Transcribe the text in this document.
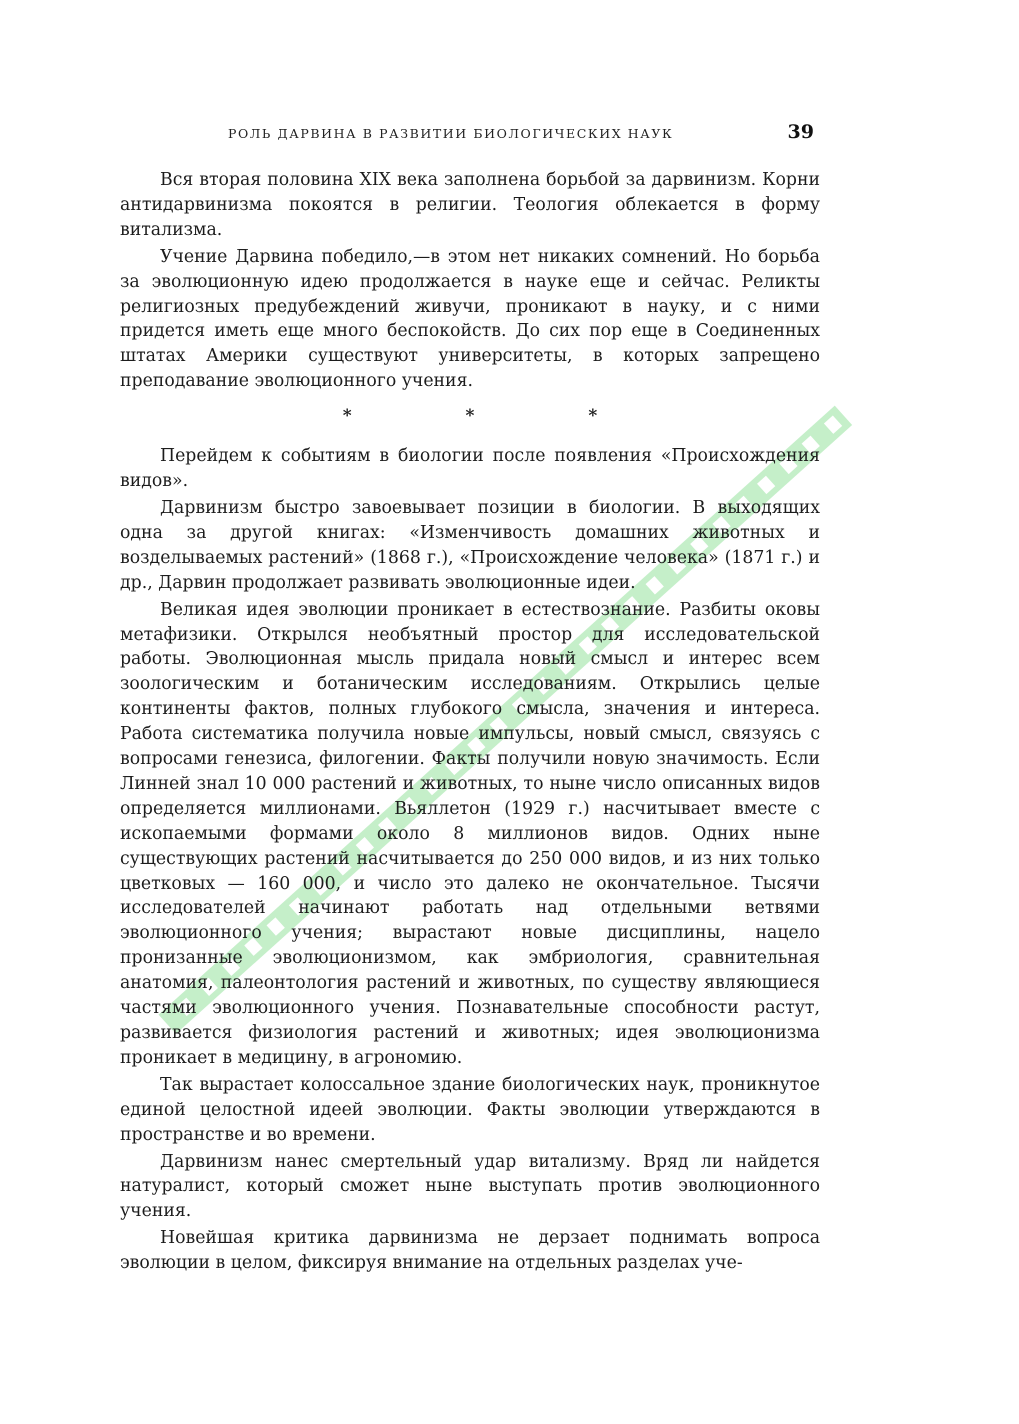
РОЛЬ ДАРВИНА В РАЗВИТИИ БИОЛОГИЧЕСКИХ НАУК	39

Вся вторая половина XIX века заполнена борьбой за дарвинизм. Корни антидарвинизма покоятся в религии. Теология облекается в форму витализма.

Учение Дарвина победило,—в этом нет никаких сомнений. Но борьба за эволюционную идею продолжается в науке еще и сейчас. Реликты религиозных предубеждений живучи, проникают в науку, и с ними придется иметь еще много беспокойств. До сих пор еще в Соединенных штатах Америки существуют университеты, в которых запрещено преподавание эволюционного учения.

* * *

Перейдем к событиям в биологии после появления «Происхождения видов».

Дарвинизм быстро завоевывает позиции в биологии. В выходящих одна за другой книгах: «Изменчивость домашних животных и возделываемых растений» (1868 г.), «Происхождение человека» (1871 г.) и др., Дарвин продолжает развивать эволюционные идеи.

Великая идея эволюции проникает в естествознание. Разбиты оковы метафизики. Открылся необъятный простор для исследовательской работы. Эволюционная мысль придала новый смысл и интерес всем зоологическим и ботаническим исследованиям. Открылись целые континенты фактов, полных глубокого смысла, значения и интереса. Работа систематика получила новые импульсы, новый смысл, связуясь с вопросами генезиса, филогении. Факты получили новую значимость. Если Линней знал 10 000 растений и животных, то ныне число описанных видов определяется миллионами. Вьяллетон (1929 г.) насчитывает вместе с ископаемыми формами около 8 миллионов видов. Одних ныне существующих растений насчитывается до 250 000 видов, и из них только цветковых — 160 000, и число это далеко не окончательное. Тысячи исследователей начинают работать над отдельными ветвями эволюционного учения; вырастают новые дисциплины, нацело пронизанные эволюционизмом, как эмбриология, сравнительная анатомия, палеонтология растений и животных, по существу являющиеся частями эволюционного учения. Познавательные способности растут, развивается физиология растений и животных; идея эволюционизма проникает в медицину, в агрономию.

Так вырастает колоссальное здание биологических наук, проникнутое единой целостной идеей эволюции. Факты эволюции утверждаются в пространстве и во времени.

Дарвинизм нанес смертельный удар витализму. Вряд ли найдется натуралист, который сможет ныне выступать против эволюционного учения.

Новейшая критика дарвинизма не дерзает поднимать вопроса эволюции в целом, фиксируя внимание на отдельных разделах уче-
